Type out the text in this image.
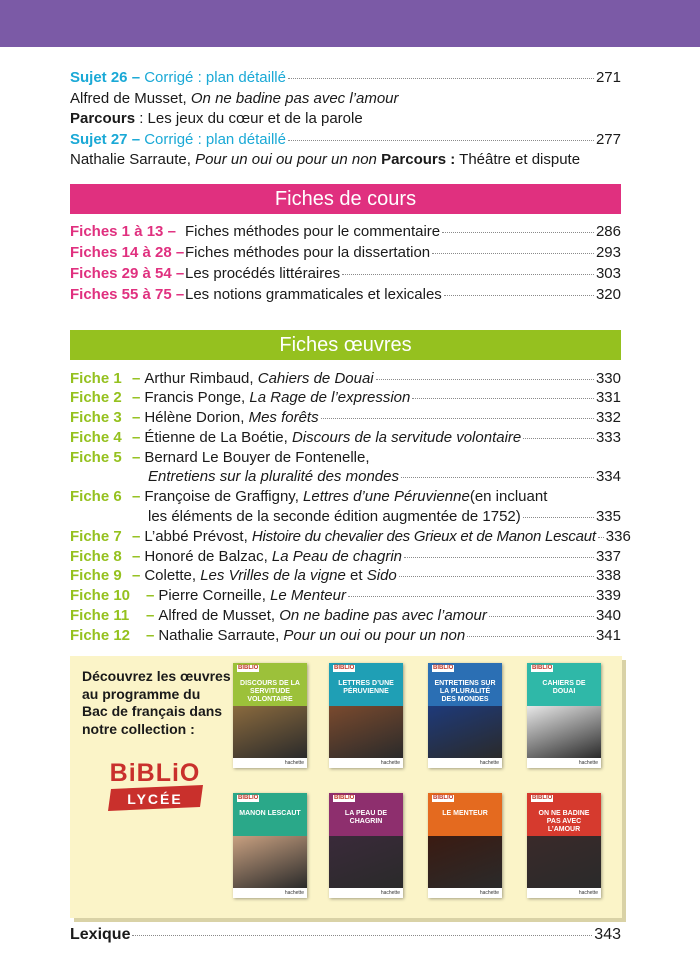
Sujet 26 –
Corrigé : plan détaillé	271
Alfred de Musset, On ne badine pas avec l’amour
Parcours : Les jeux du cœur et de la parole
Sujet 27 –
Corrigé : plan détaillé	277
Nathalie Sarraute, Pour un oui ou pour un non Parcours : Théâtre et dispute
Fiches de cours
Fiches 1 à 13 – Fiches méthodes pour le commentaire	286
Fiches 14 à 28 – Fiches méthodes pour la dissertation	293
Fiches 29 à 54 – Les procédés littéraires	303
Fiches 55 à 75 – Les notions grammaticales et lexicales	320
Fiches œuvres
Fiche 1 – Arthur Rimbaud,
Cahiers de Douai	330
Fiche 2 – Francis Ponge,
La Rage de l’expression	331
Fiche 3 – Hélène Dorion,
Mes forêts	332
Fiche 4 – Étienne de La Boétie,
Discours de la servitude volontaire	333
Fiche 5 – Bernard Le Bouyer de Fontenelle,
Entretiens sur la pluralité des mondes	334
Fiche 6 – Françoise de Graffigny,
Lettres d’une Péruvienne (en incluant
les éléments de la seconde édition augmentée de 1752)	335
Fiche 7 – L’abbé Prévost,
Histoire du chevalier des Grieux et de Manon Lescaut 336
Fiche 8 – Honoré de Balzac,
La Peau de chagrin	337
Fiche 9 – Colette,
Les Vrilles de la vigne et Sido	338
Fiche 10	– Pierre Corneille,
Le Menteur	339
Fiche 11	– Alfred de Musset,
On ne badine pas avec l’amour	340
Fiche 12	– Nathalie Sarraute,
Pour un oui ou pour un non	341
Découvrez les œuvres
au programme du
Bac de français dans
notre collection :
BiBLiO
LYCÉE
BIBLIO
DISCOURS DE LA SERVITUDE VOLONTAIRE
hachette
BIBLIO
LETTRES D’UNE PÉRUVIENNE
hachette
BIBLIO
ENTRETIENS SUR LA PLURALITÉ DES MONDES
hachette
BIBLIO
CAHIERS DE DOUAI
hachette
BIBLIO
MANON LESCAUT
hachette
BIBLIO
LA PEAU DE CHAGRIN
hachette
BIBLIO
LE MENTEUR
hachette
BIBLIO
ON NE BADINE PAS AVEC L’AMOUR
hachette
Lexique	343
